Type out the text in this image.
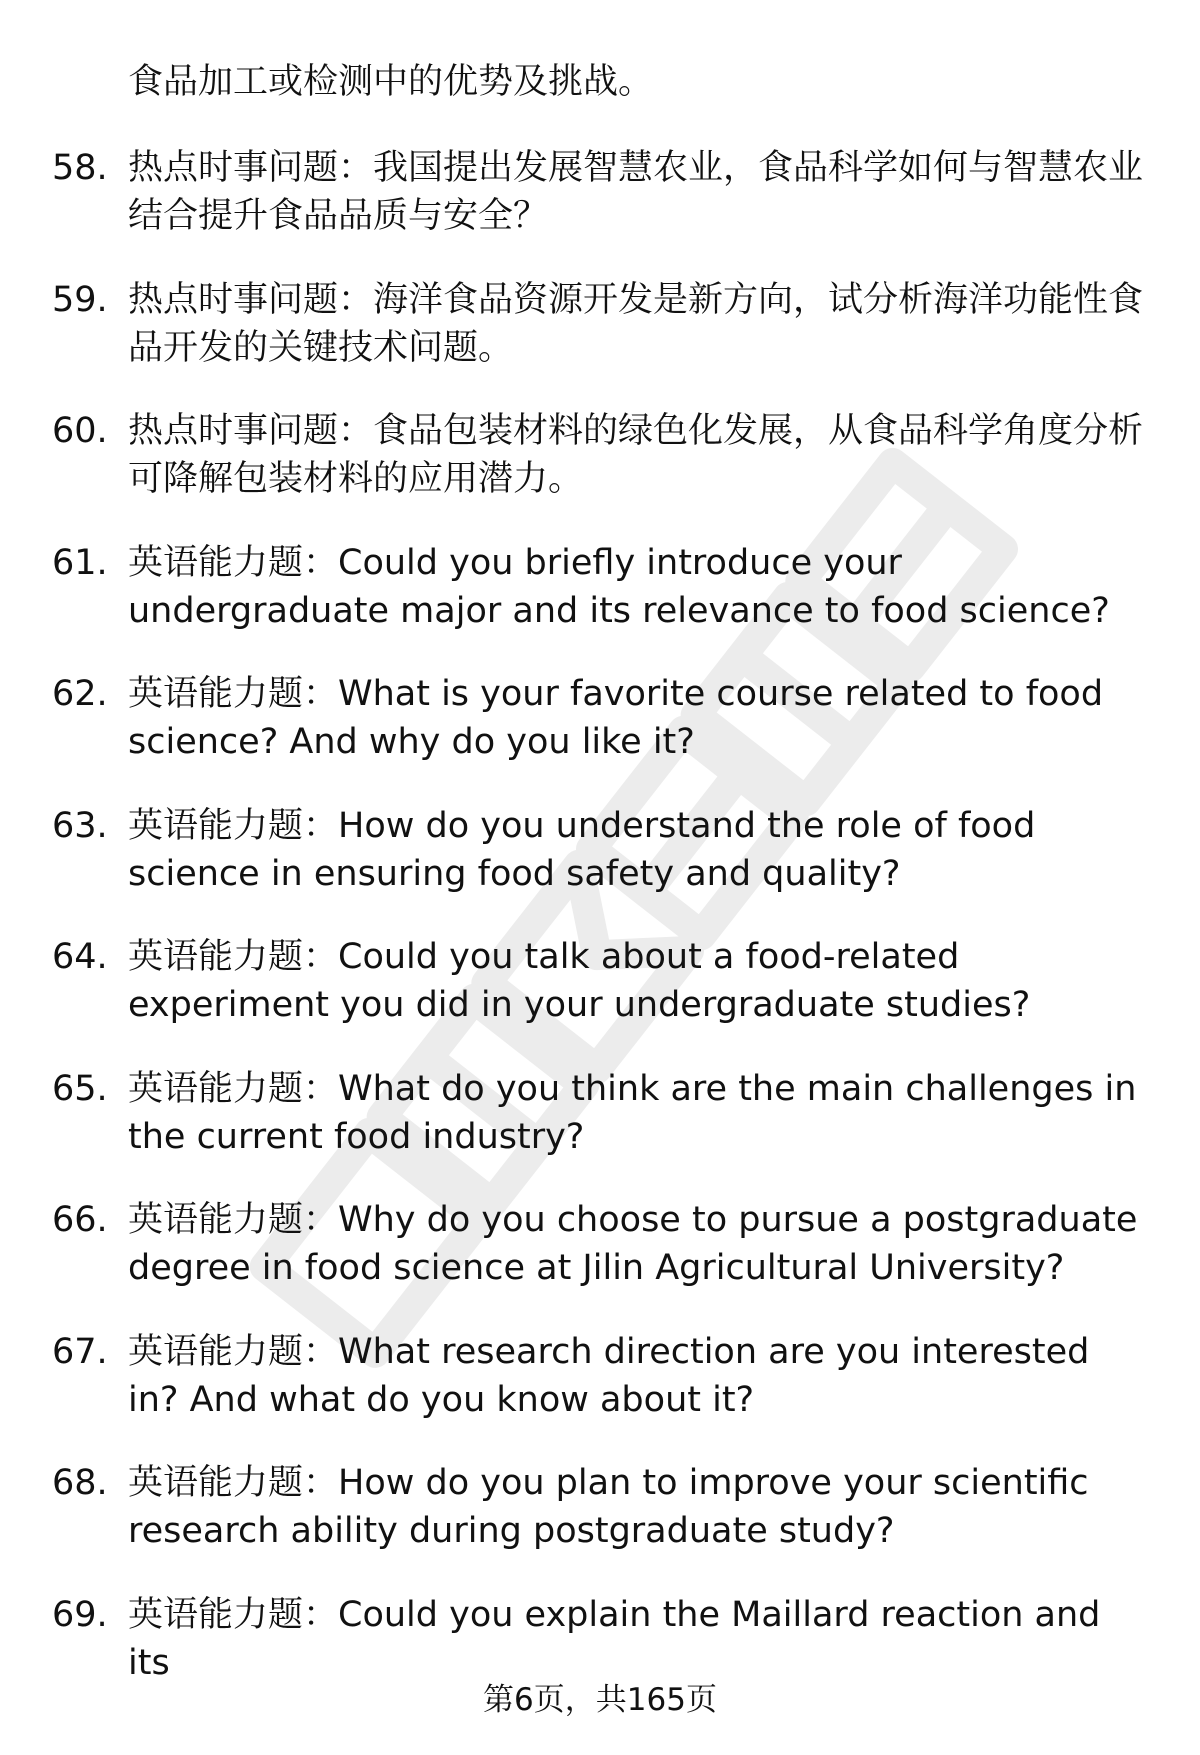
食品加工或检测中的优势及挑战。

58. 热点时事问题：我国提出发展智慧农业，食品科学如何与智慧农业结合提升食品品质与安全？

59. 热点时事问题：海洋食品资源开发是新方向，试分析海洋功能性食品开发的关键技术问题。

60. 热点时事问题：食品包装材料的绿色化发展，从食品科学角度分析可降解包装材料的应用潜力。

61. 英语能力题：Could you briefly introduce your undergraduate major and its relevance to food science?

62. 英语能力题：What is your favorite course related to food science? And why do you like it?

63. 英语能力题：How do you understand the role of food science in ensuring food safety and quality?

64. 英语能力题：Could you talk about a food-related experiment you did in your undergraduate studies?

65. 英语能力题：What do you think are the main challenges in the current food industry?

66. 英语能力题：Why do you choose to pursue a postgraduate degree in food science at Jilin Agricultural University?

67. 英语能力题：What research direction are you interested in? And what do you know about it?

68. 英语能力题：How do you plan to improve your scientific research ability during postgraduate study?

69. 英语能力题：Could you explain the Maillard reaction and its

第6页，共165页
